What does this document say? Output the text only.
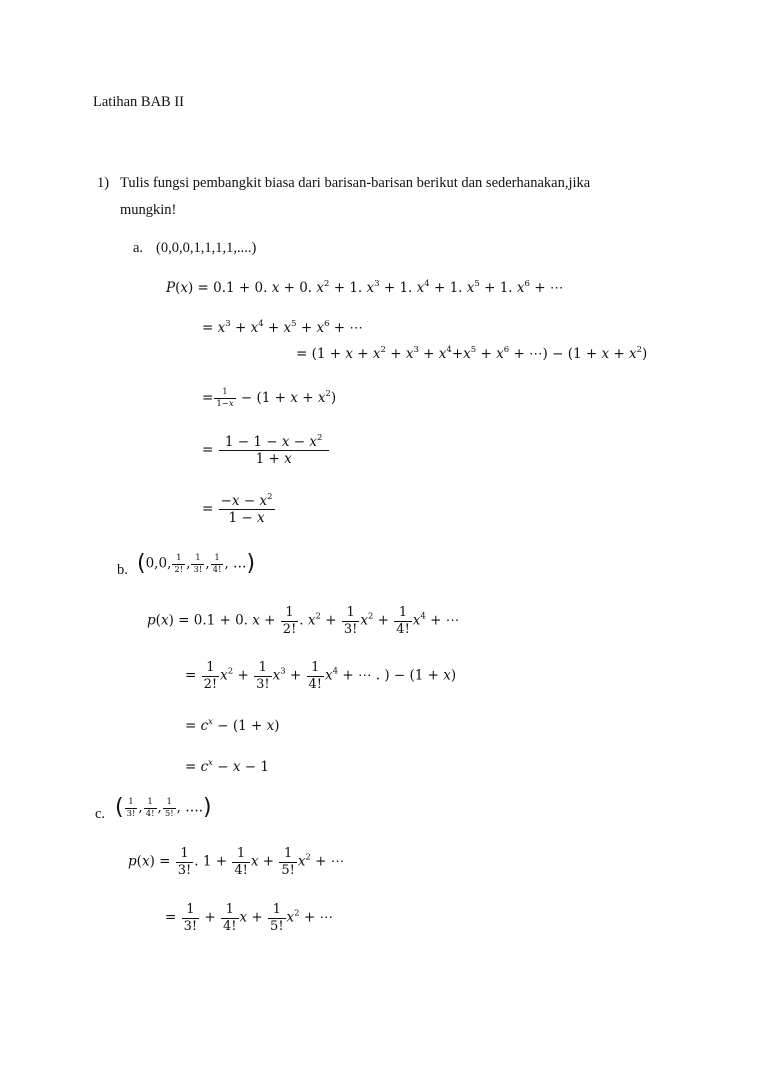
Latihan BAB II
1) Tulis fungsi pembangkit biasa dari barisan-barisan berikut dan sederhanakan,jika
mungkin!
a. (0,0,0,1,1,1,1,....)
P(x) = 0.1 + 0. x + 0. $x^2 + 1$. $x^3 + 1$. $x^4 + 1$. $x^5 + 1$. $x^6$ + ⋯
= $x^3 + x^4 + x^5 + x^6$ + ⋯
= ($1 + x + x^2 + x^3 + x^4+x^5 + x^6$ + ⋯) − $(1 + x + x^2)$
= $\frac{1}{1-x} - (1 + x + x^2)$
= $\frac{1 - 1 - x - x^2}{1 + x}$
= $\frac{-x - x^2}{1 - x}$
b. (0,0, $\frac{1}{2!}$ , $\frac{1}{3!}$ , $\frac{1}{4!}$ , …)
p(x) = 0.1 + 0. $x + \frac{1}{2!}$ . $x^2 + \frac{1}{3!} x^2 + \frac{1}{4!} x^4$ + ⋯
= $\frac{1}{2!} x^2 + \frac{1}{3!} x^3 + \frac{1}{4!} x^4$ + ⋯ . ) − (1 + x)
= $c^x - (1 + x)$
= $c^x - x - 1$
c. ( $\frac{1}{3!}$ , $\frac{1}{4!}$ , $\frac{1}{5!}$ , ….)
$p(x) = \frac{1}{3!}$ . $1 + \frac{1}{4!}$ $x + \frac{1}{5!} x^2$ + ⋯
= $\frac{1}{3!} + \frac{1}{4!}$ $x + \frac{1}{5!} x^2$ + ⋯
